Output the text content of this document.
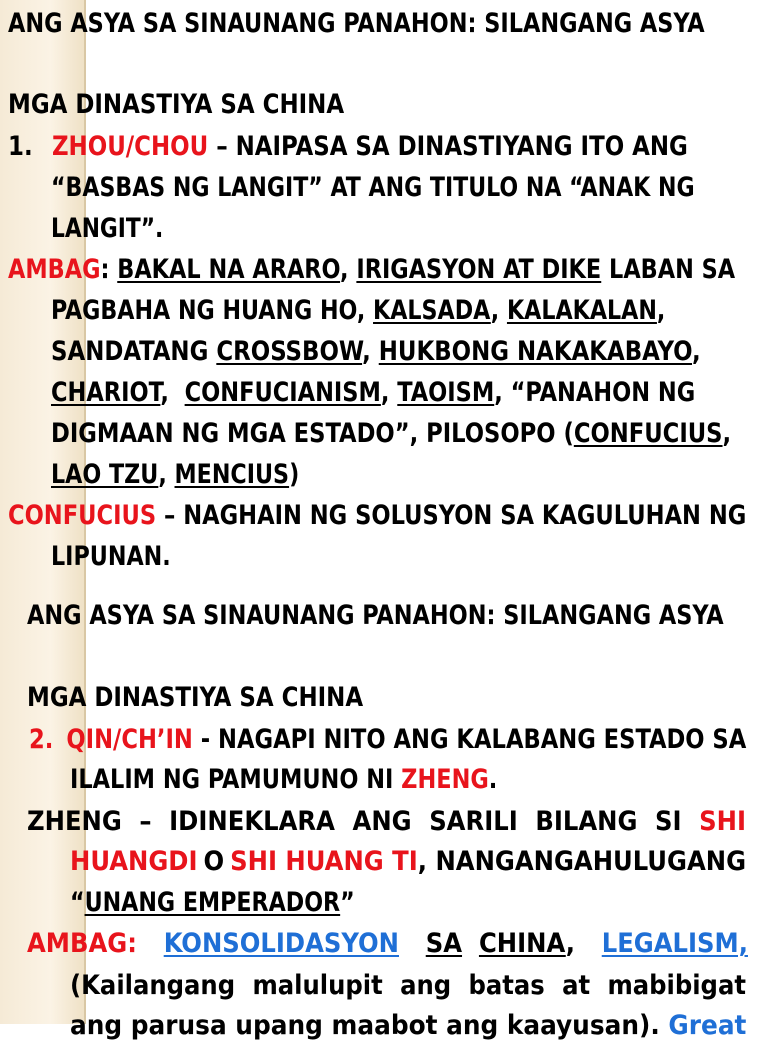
ANG ASYA SA SINAUNANG PANAHON: SILANGANG ASYA
MGA DINASTIYA SA CHINA
1. ZHOU/CHOU – NAIPASA SA DINASTIYANG ITO ANG
“BASBAS NG LANGIT” AT ANG TITULO NA “ANAK NG
LANGIT”.
AMBAG: BAKAL NA ARARO, IRIGASYON AT DIKE LABAN SA
PAGBAHA NG HUANG HO, KALSADA, KALAKALAN,
SANDATANG CROSSBOW, HUKBONG NAKAKABAYO,
CHARIOT, CONFUCIANISM, TAOISM, “PANAHON NG
DIGMAAN NG MGA ESTADO”, PILOSOPO (CONFUCIUS,
LAO TZU, MENCIUS)
CONFUCIUS – NAGHAIN NG SOLUSYON SA KAGULUHAN NG
LIPUNAN.
ANG ASYA SA SINAUNANG PANAHON: SILANGANG ASYA
MGA DINASTIYA SA CHINA
2. QIN/CH’IN - NAGAPI NITO ANG KALABANG ESTADO SA
ILALIM NG PAMUMUNO NI ZHENG.
ZHENG – IDINEKLARA ANG SARILI BILANG SI SHI
HUANGDI O SHI HUANG TI, NANGANGAHULUGANG
“UNANG EMPERADOR”
AMBAG: KONSOLIDASYON SA CHINA, LEGALISM,
(Kailangang malulupit ang batas at mabibigat
ang parusa upang maabot ang kaayusan). Great
